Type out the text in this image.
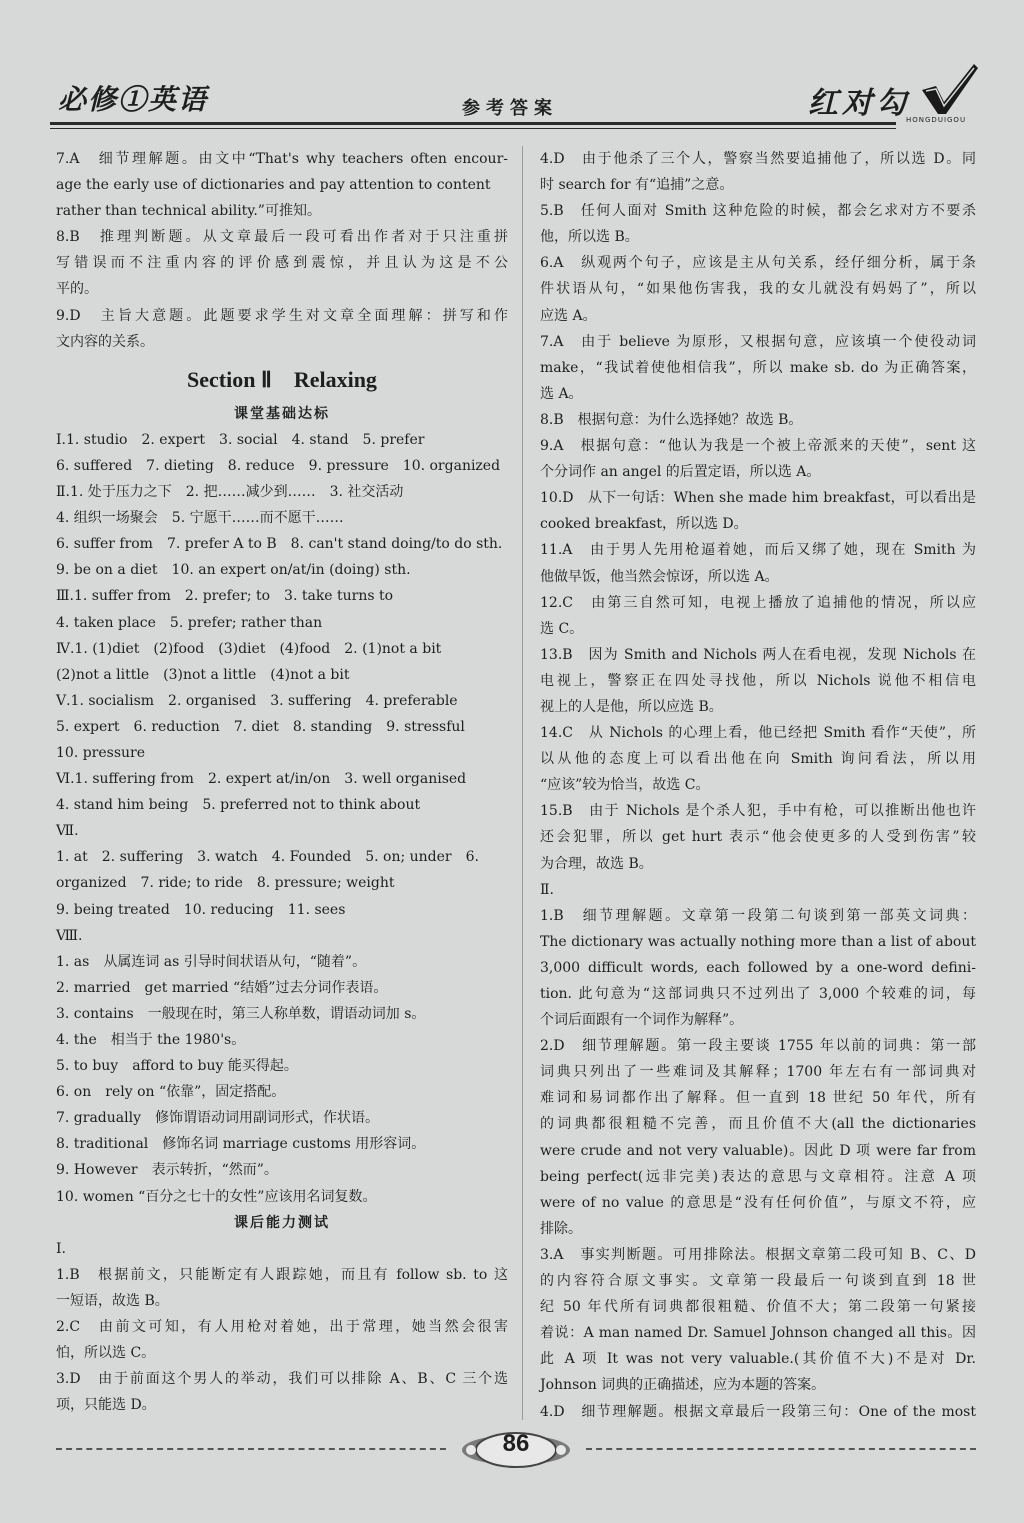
必修①英语	参考答案	红对勾
HONGDUIGOU
7.A　细节理解题。由文中“That's why teachers often encour-
age the early use of dictionaries and pay attention to content
rather than technical ability.”可推知。
8.B　推理判断题。从文章最后一段可看出作者对于只注重拼
写错误而不注重内容的评价感到震惊，并且认为这是不公
平的。
9.D　主旨大意题。此题要求学生对文章全面理解：拼写和作
文内容的关系。
Section Ⅱ　Relaxing
课堂基础达标
Ⅰ.1. studio　2. expert　3. social　4. stand　5. prefer
6. suffered　7. dieting　8. reduce　9. pressure　10. organized
Ⅱ.1. 处于压力之下　2. 把……减少到……　3. 社交活动
4. 组织一场聚会　5. 宁愿干……而不愿干……
6. suffer from　7. prefer A to B　8. can't stand doing/to do sth.
9. be on a diet　10. an expert on/at/in (doing) sth.
Ⅲ.1. suffer from　2. prefer; to　3. take turns to
4. taken place　5. prefer; rather than
Ⅳ.1. (1)diet　(2)food　(3)diet　(4)food　2. (1)not a bit
(2)not a little　(3)not a little　(4)not a bit
Ⅴ.1. socialism　2. organised　3. suffering　4. preferable
5. expert　6. reduction　7. diet　8. standing　9. stressful
10. pressure
Ⅵ.1. suffering from　2. expert at/in/on　3. well organised
4. stand him being　5. preferred not to think about
Ⅶ.
1. at　2. suffering　3. watch　4. Founded　5. on; under　6.
organized　7. ride; to ride　8. pressure; weight
9. being treated　10. reducing　11. sees
Ⅷ.
1. as　从属连词 as 引导时间状语从句，“随着”。
2. married　get married “结婚”过去分词作表语。
3. contains　一般现在时，第三人称单数，谓语动词加 s。
4. the　相当于 the 1980's。
5. to buy　afford to buy 能买得起。
6. on　rely on “依靠”，固定搭配。
7. gradually　修饰谓语动词用副词形式，作状语。
8. traditional　修饰名词 marriage customs 用形容词。
9. However　表示转折，“然而”。
10. women “百分之七十的女性”应该用名词复数。
课后能力测试
Ⅰ.
1.B　根据前文，只能断定有人跟踪她，而且有 follow sb. to 这
一短语，故选 B。
2.C　由前文可知，有人用枪对着她，出于常理，她当然会很害
怕，所以选 C。
3.D　由于前面这个男人的举动，我们可以排除 A、B、C 三个选
项，只能选 D。
4.D　由于他杀了三个人，警察当然要追捕他了，所以选 D。同
时 search for 有“追捕”之意。
5.B　任何人面对 Smith 这种危险的时候，都会乞求对方不要杀
他，所以选 B。
6.A　纵观两个句子，应该是主从句关系，经仔细分析，属于条
件状语从句，“如果他伤害我，我的女儿就没有妈妈了”，所以
应选 A。
7.A　由于 believe 为原形，又根据句意，应该填一个使役动词
make，“我试着使他相信我”，所以 make sb. do 为正确答案，
选 A。
8.B　根据句意：为什么选择她？故选 B。
9.A　根据句意：“他认为我是一个被上帝派来的天使”，sent 这
个分词作 an angel 的后置定语，所以选 A。
10.D　从下一句话：When she made him breakfast，可以看出是
cooked breakfast，所以选 D。
11.A　由于男人先用枪逼着她，而后又绑了她，现在 Smith 为
他做早饭，他当然会惊讶，所以选 A。
12.C　由第三自然可知，电视上播放了追捕他的情况，所以应
选 C。
13.B　因为 Smith and Nichols 两人在看电视，发现 Nichols 在
电视上，警察正在四处寻找他，所以 Nichols 说他不相信电
视上的人是他，所以应选 B。
14.C　从 Nichols 的心理上看，他已经把 Smith 看作“天使”，所
以从他的态度上可以看出他在向 Smith 询问看法，所以用
“应该”较为恰当，故选 C。
15.B　由于 Nichols 是个杀人犯，手中有枪，可以推断出他也许
还会犯罪，所以 get hurt 表示“他会使更多的人受到伤害”较
为合理，故选 B。
Ⅱ.
1.B　细节理解题。文章第一段第二句谈到第一部英文词典：
The dictionary was actually nothing more than a list of about
3,000 difficult words, each followed by a one-word defini-
tion. 此句意为“这部词典只不过列出了 3,000 个较难的词，每
个词后面跟有一个词作为解释”。
2.D　细节理解题。第一段主要谈 1755 年以前的词典：第一部
词典只列出了一些难词及其解释；1700 年左右有一部词典对
难词和易词都作出了解释。但一直到 18 世纪 50 年代，所有
的词典都很粗糙不完善，而且价值不大(all the dictionaries
were crude and not very valuable)。因此 D 项 were far from
being perfect(远非完美)表达的意思与文章相符。注意 A 项
were of no value 的意思是“没有任何价值”，与原文不符，应
排除。
3.A　事实判断题。可用排除法。根据文章第二段可知 B、C、D
的内容符合原文事实。文章第一段最后一句谈到直到 18 世
纪 50 年代所有词典都很粗糙、价值不大；第二段第一句紧接
着说：A man named Dr. Samuel Johnson changed all this。因
此 A 项 It was not very valuable.(其价值不大)不是对 Dr.
Johnson 词典的正确描述，应为本题的答案。
4.D　细节理解题。根据文章最后一段第三句：One of the most
86
